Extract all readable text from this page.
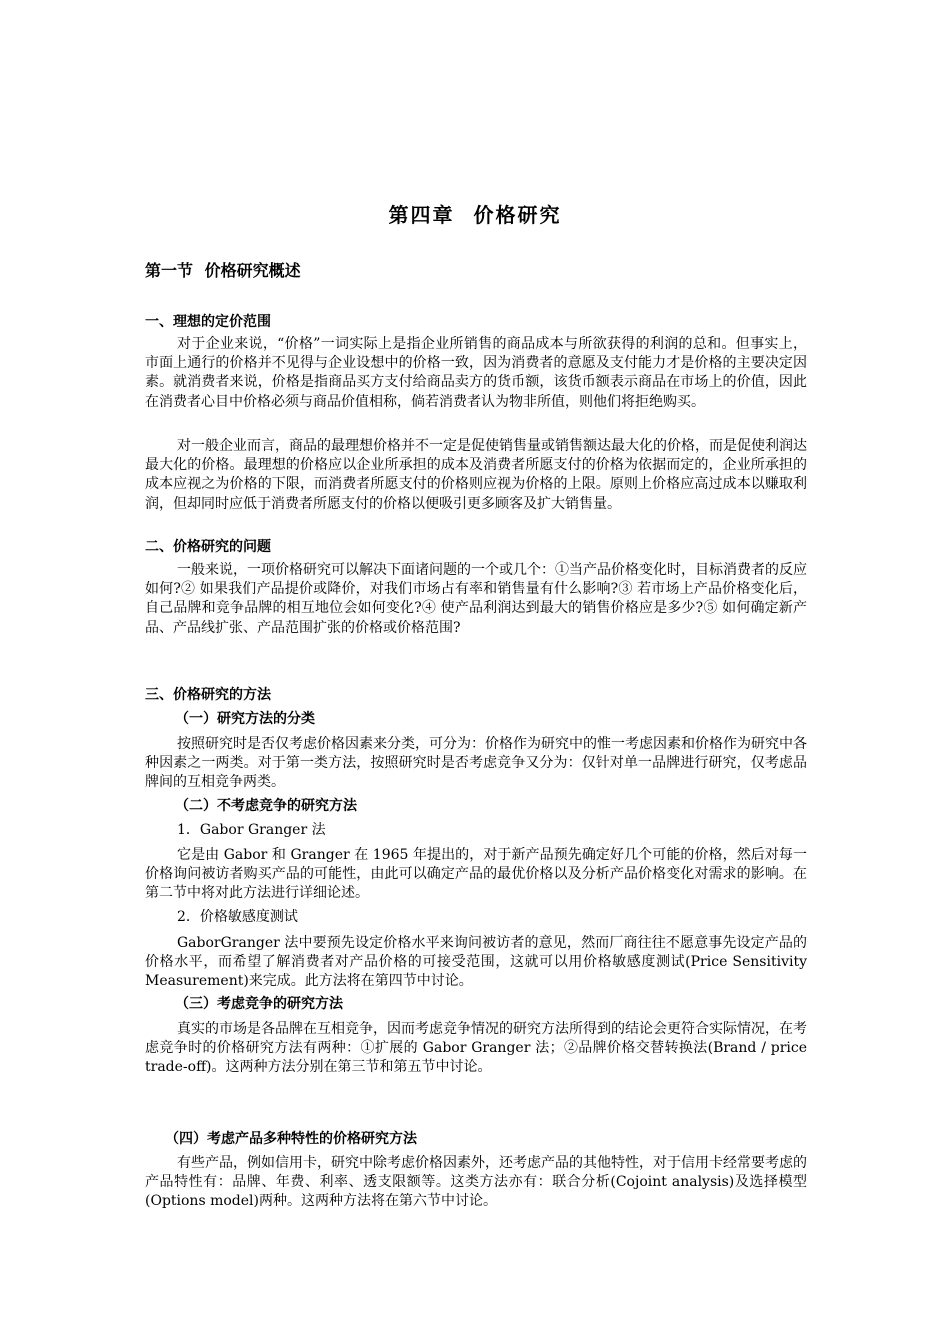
第四章 价格研究
第一节 价格研究概述
一、理想的定价范围

对于企业来说，“价格”一词实际上是指企业所销售的商品成本与所欲获得的利润的总和。但事实上，市面上通行的价格并不见得与企业设想中的价格一致，因为消费者的意愿及支付能力才是价格的主要决定因素。就消费者来说，价格是指商品买方支付给商品卖方的货币额，该货币额表示商品在市场上的价值，因此在消费者心目中价格必须与商品价值相称，倘若消费者认为物非所值，则他们将拒绝购买。

对一般企业而言，商品的最理想价格并不一定是促使销售量或销售额达最大化的价格，而是促使利润达最大化的价格。最理想的价格应以企业所承担的成本及消费者所愿支付的价格为依据而定的，企业所承担的成本应视之为价格的下限，而消费者所愿支付的价格则应视为价格的上限。原则上价格应高过成本以赚取利润，但却同时应低于消费者所愿支付的价格以便吸引更多顾客及扩大销售量。

二、价格研究的问题

一般来说，一项价格研究可以解决下面诸问题的一个或几个：①当产品价格变化时，目标消费者的反应如何?② 如果我们产品提价或降价，对我们市场占有率和销售量有什么影响?③ 若市场上产品价格变化后，自己品牌和竞争品牌的相互地位会如何变化?④ 使产品利润达到最大的销售价格应是多少?⑤ 如何确定新产品、产品线扩张、产品范围扩张的价格或价格范围?

三、价格研究的方法
（一）研究方法的分类

按照研究时是否仅考虑价格因素来分类，可分为：价格作为研究中的惟一考虑因素和价格作为研究中各种因素之一两类。对于第一类方法，按照研究时是否考虑竞争又分为：仅针对单一品牌进行研究，仅考虑品牌间的互相竞争两类。

（二）不考虑竞争的研究方法
1．Gabor Granger 法

它是由 Gabor 和 Granger 在 1965 年提出的，对于新产品预先确定好几个可能的价格，然后对每一价格询问被访者购买产品的可能性，由此可以确定产品的最优价格以及分析产品价格变化对需求的影响。在第二节中将对此方法进行详细论述。

2．价格敏感度测试

GaborGranger 法中要预先设定价格水平来询问被访者的意见，然而厂商往往不愿意事先设定产品的价格水平，而希望了解消费者对产品价格的可接受范围，这就可以用价格敏感度测试(Price Sensitivity Measurement)来完成。此方法将在第四节中讨论。

（三）考虑竞争的研究方法

真实的市场是各品牌在互相竞争，因而考虑竞争情况的研究方法所得到的结论会更符合实际情况，在考虑竞争时的价格研究方法有两种：①扩展的 Gabor Granger 法；②品牌价格交替转换法(Brand / price trade-off)。这两种方法分别在第三节和第五节中讨论。

（四）考虑产品多种特性的价格研究方法

有些产品，例如信用卡，研究中除考虑价格因素外，还考虑产品的其他特性，对于信用卡经常要考虑的产品特性有：品牌、年费、利率、透支限额等。这类方法亦有：联合分析(Cojoint analysis)及选择模型(Options model)两种。这两种方法将在第六节中讨论。
